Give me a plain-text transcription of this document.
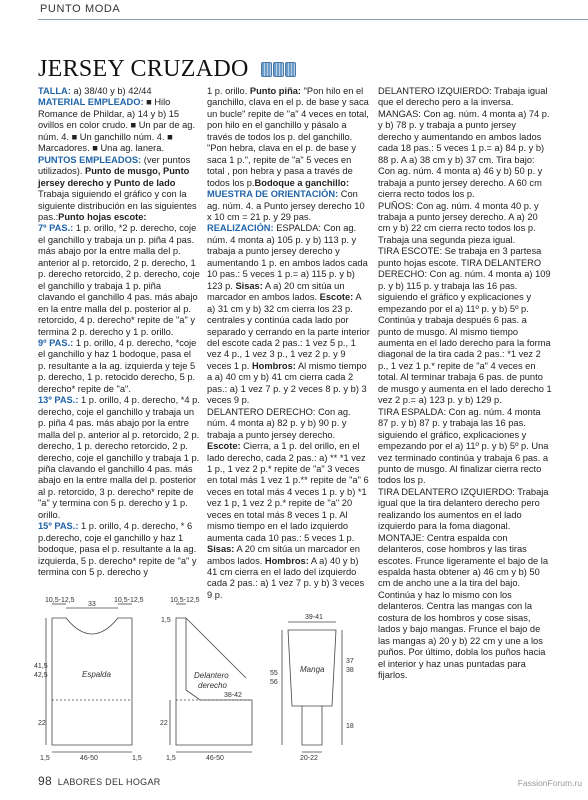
PUNTO MODA
JERSEY CRUZADO

TALLA: a) 38/40 y b) 42/44

MATERIAL EMPLEADO: ■ Hilo Romance de Phildar, a) 14 y b) 15 ovillos en color crudo. ■ Un par de ag. núm. 4. ■ Un ganchillo núm. 4. ■ Marcadores. ■ Una ag. lanera.

PUNTOS EMPLEADOS: (ver puntos utilizados). Punto de musgo, Punto jersey derecho y Punto de lado Trabaja siguiendo el gráfico y con la siguiente distribución en las siguientes pas.:Punto hojas escote:

7º PAS.: 1 p. orillo, *2 p. derecho, coje el ganchillo y trabaja un p. piña 4 pas. más abajo por la entre malla del p. anterior al p. retorcido, 2 p. derecho, 1 p. derecho retorcido, 2 p. derecho, coje el ganchillo y trabaja 1 p. piña clavando el ganchillo 4 pas. más abajo en la entre malla del p. posterior al p. retorcido, 4 p. derecho* repite de "a" y termina 2 p. derecho y 1 p. orillo.

9º PAS.: 1 p. orillo, 4 p. derecho, *coje el ganchillo y haz 1 bodoque, pasa el p. resultante a la ag. izquierda y teje 5 p. derecho, 1 p. retocido derecho, 5 p. derecho* repite de "a".

13º PAS.: 1 p. orillo, 4 p. derecho, *4 p. derecho, coje el ganchillo y trabaja un p. piña 4 pas. más abajo por la entre malla del p. anterior al p. retorcido, 2 p. derecho, 1 p. derecho retorcido, 2 p. derecho, coje el ganchillo y trabaja 1 p. piña clavando el ganchillo 4 pas. más abajo en la entre malla del p. posterior al p. retorcido, 3 p. derecho* repite de "a" y termina con 5 p. derecho y 1 p. orillo.

15º PAS.: 1 p. orillo, 4 p. derecho, * 6 p.derecho, coje el ganchillo y haz 1 bodoque, pasa el p. resultante a la ag. izquierda, 5 p. derecho* repite de "a" y termina con 5 p. derecho y

1 p. orillo. Punto piña: "Pon hilo en el ganchillo, clava en el p. de base y saca un bucle" repite de "a" 4 veces en total, pon hilo en el ganchillo y pásalo a través de todos los p. del ganchillo. "Pon hebra, clava en el p. de base y saca 1 p.", repite de "a" 5 veces en total , pon hebra y pasa a través de todos los p.Bodoque a ganchillo:

MUESTRA DE ORIENTACIÓN: Con ag. núm. 4. a Punto jersey derecho 10 x 10 cm = 21 p. y 29 pas.

REALIZACIÓN: ESPALDA: Con ag. núm. 4 monta a) 105 p. y b) 113 p. y trabaja a punto jersey derecho y aumentando 1 p. en ambos lados cada 10 pas.: 5 veces 1 p.= a) 115 p. y b) 123 p. Sisas: A a) 20 cm sitúa un marcador en ambos lados. Escote: A a) 31 cm y b) 32 cm cierra los 23 p. centrales y continúa cada lado por separado y cerrando en la parte interior del escote cada 2 pas.: 1 vez 5 p., 1 vez 4 p., 1 vez 3 p., 1 vez 2 p. y 9 veces 1 p. Hombros: Al mismo tiempo a a) 40 cm y b) 41 cm cierra cada 2 pas.: a) 1 vez 7 p. y 2 veces 8 p. y b) 3 veces 9 p.

DELANTERO DERECHO: Con ag. núm. 4 monta a) 82 p. y b) 90 p. y trabaja a punto jersey derecho. Escote: Cierra, a 1 p. del orillo, en el lado derecho, cada 2 pas.: a) ** *1 vez 1 p., 1 vez 2 p.* repite de "a" 3 veces en total más 1 vez 1 p.** repite de "a" 6 veces en total más 4 veces 1 p. y b) *1 vez 1 p, 1 vez 2 p.* repite de "a" 20 veces en total más 8 veces 1 p. Al mismo tiempo en el lado izquierdo aumenta cada 10 pas.: 5 veces 1 p. Sisas: A 20 cm sitúa un marcador en ambos lados. Hombros: A a) 40 y b) 41 cm cierra en el lado del izquierdo cada 2 pas.: a) 1 vez 7 p. y b) 3 veces 9 p.

DELANTERO IZQUIERDO: Trabaja igual que el derecho pero a la inversa.

MANGAS: Con ag. núm. 4 monta a) 74 p. y b) 78 p. y trabaja a punto jersey derecho y aumentando en ambos lados cada 18 pas.: 5 veces 1 p.= a) 84 p. y b) 88 p. A a) 38 cm y b) 37 cm. Tira bajo: Con ag. núm. 4 monta a) 46 y b) 50 p. y trabaja a punto jersey derecho. A 60 cm cierra recto todos los p.

PUÑOS: Con ag. núm. 4 monta 40 p. y trabaja a punto jersey derecho. A a) 20 cm y b) 22 cm cierra recto todos los p. Trabaja una segunda pieza igual.

TIRA ESCOTE: Se trabaja en 3 partesa punto hojas escote. TIRA DELANTERO DERECHO: Con ag. núm. 4 monta a) 109 p. y b) 115 p. y trabaja las 16 pas. siguiendo el gráfico y explicaciones y empezando por el a) 11º p. y b) 5º p. Continúa y trabaja después 6 pas. a punto de musgo. Al mismo tiempo aumenta en el lado derecho para la forma diagonal de la tira cada 2 pas.: *1 vez 2 p., 1 vez 1 p.* repite de "a" 4 veces en total. Al terminar trabaja 6 pas. de punto de musgo y aumenta en el lado derecho 1 vez 2 p.= a) 123 p. y b) 129 p.

TIRA ESPALDA: Con ag. núm. 4 monta 87 p. y b) 87 p. y trabaja las 16 pas. siguiendo el gráfico, explicaciones y empezando por el a) 11º p. y b) 5º p. Una vez terminado continúa y trabaja 6 pas. a punto de musgo. Al finalizar cierra recto todos los p.

TIRA DELANTERO IZQUIERDO: Trabaja igual que la tira delantero derecho pero realizando los aumentos en el lado izquierdo para la foma diagonal.

MONTAJE: Centra espalda con delanteros, cose hombros y las tiras escotes. Frunce ligeramente el bajo de la espalda hasta obtener a) 46 cm y b) 50 cm de ancho une a la tira del bajo. Continúa y haz lo mismo con los delanteros. Centra las mangas con la costura de los hombros y cose sisas, lados y bajo mangas. Frunce el bajo de las mangas a) 20 y b) 22 cm y une a los puños. Por último, dobla los puños hacia el interior y haz unas puntadas para fijarlos.

Espalda
10,5-12,5
33
10,5-12,5
41,5
42,5
22
1,5	46-50	1,5
10,5-12,5
1,5
Delantero
derecho
38-42
22
1,5	46-50
39-41
Manga
55
56
37
38
18
20-22
98 LABORES DEL HOGAR	FassionForum.ru
